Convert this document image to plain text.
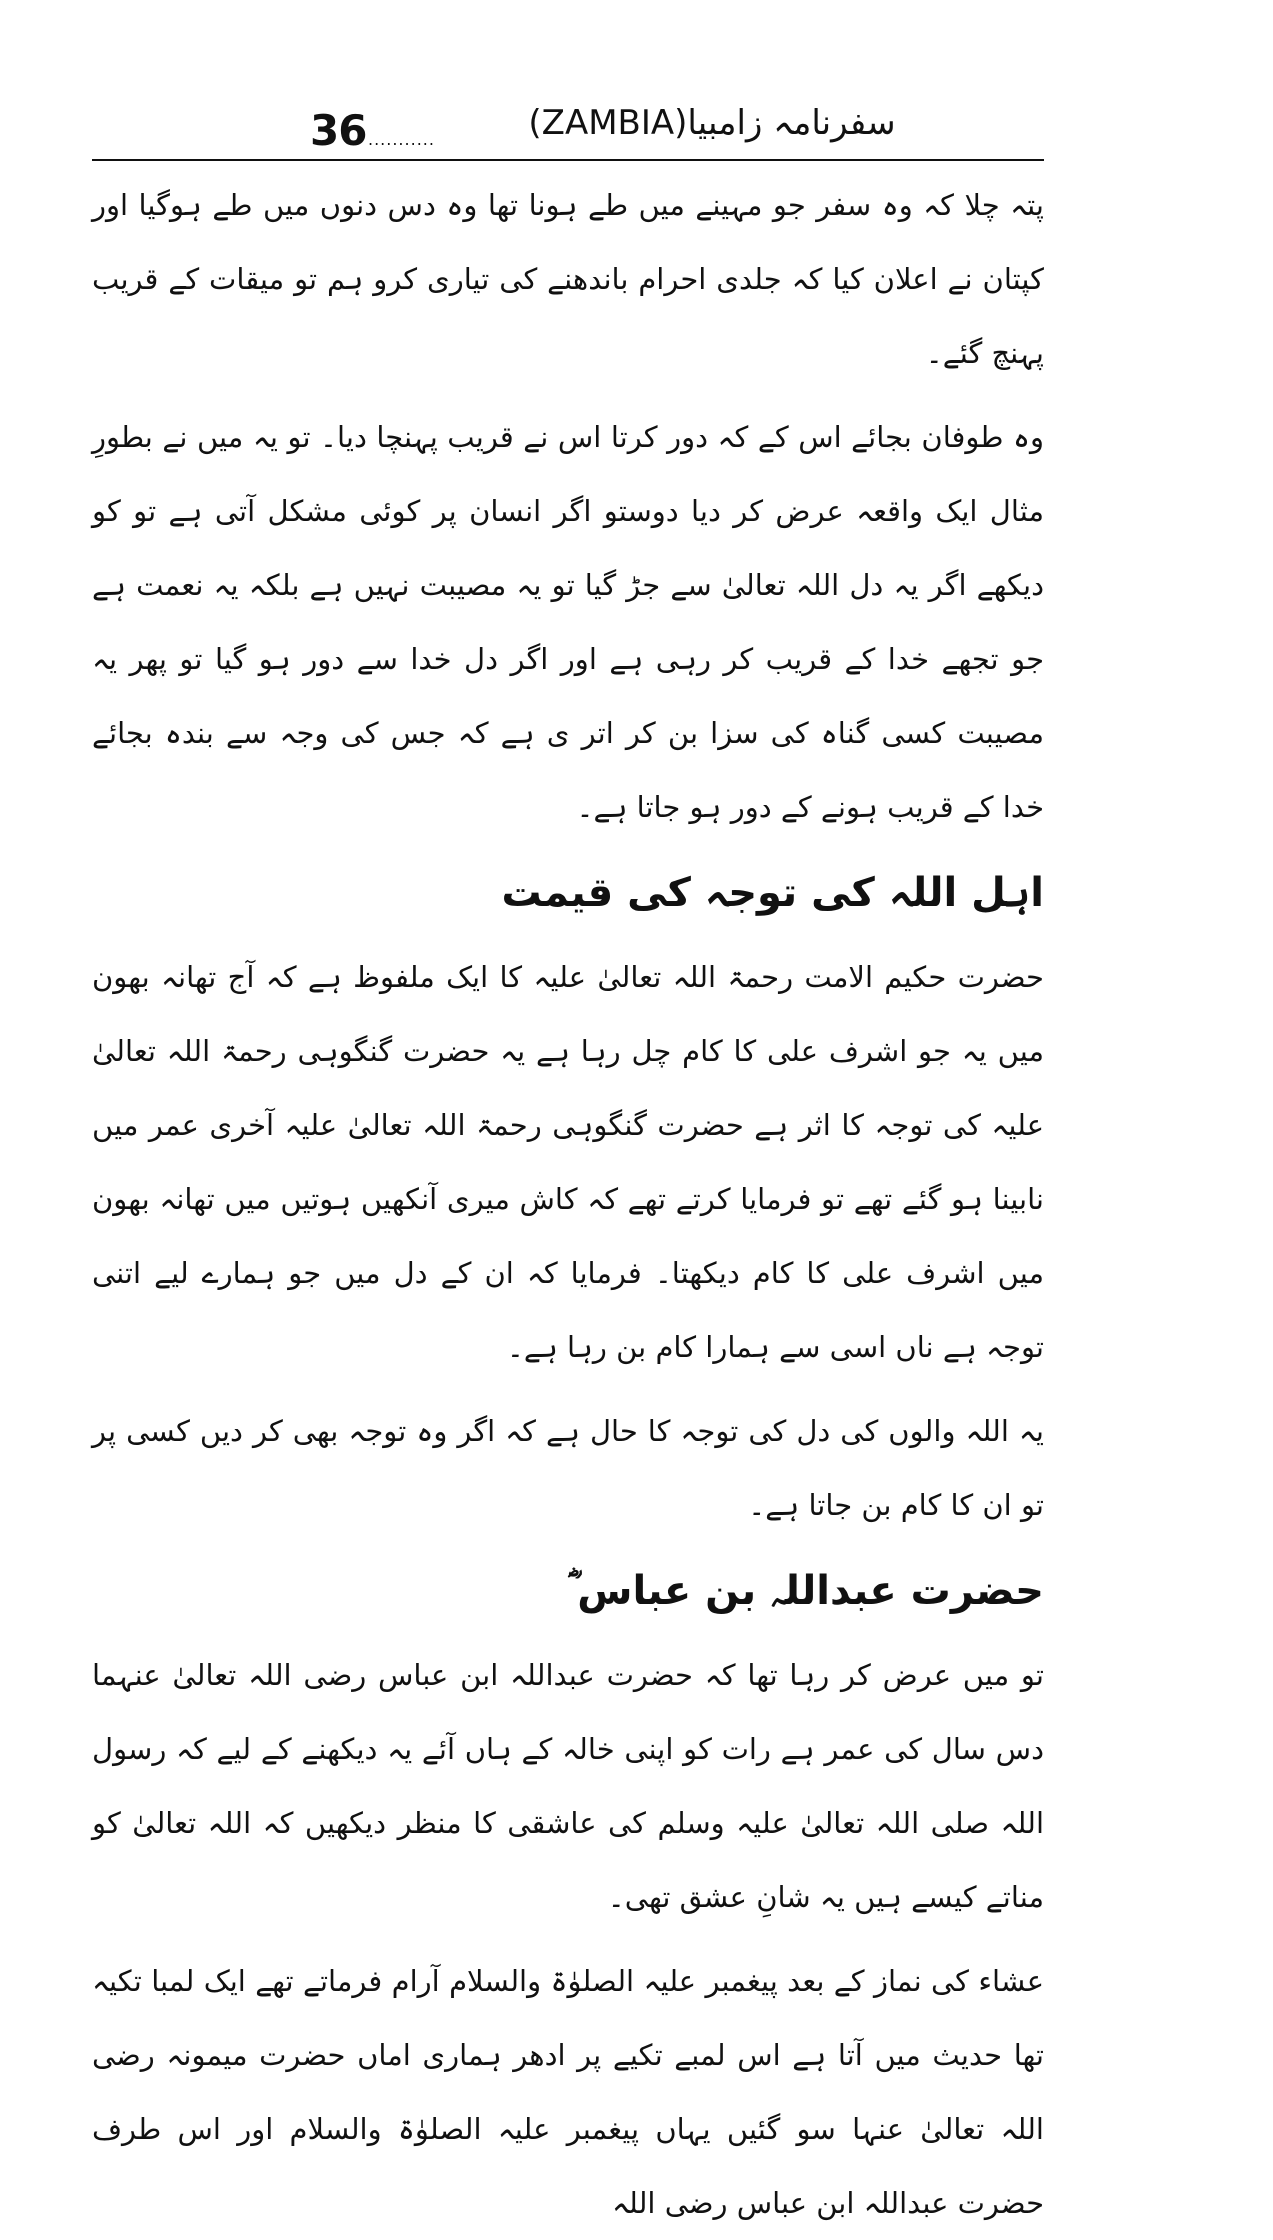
36 ...........	سفرنامہ زامبیا(ZAMBIA)

پتہ چلا کہ وہ سفر جو مہینے میں طے ہونا تھا وہ دس دنوں میں طے ہوگیا اور کپتان نے اعلان کیا کہ جلدی احرام باندھنے کی تیاری کرو ہم تو میقات کے قریب پہنچ گئے۔

وہ طوفان بجائے اس کے کہ دور کرتا اس نے قریب پہنچا دیا۔ تو یہ میں نے بطورِ مثال ایک واقعہ عرض کر دیا دوستو اگر انسان پر کوئی مشکل آتی ہے تو کو دیکھے اگر یہ دل اللہ تعالیٰ سے جڑ گیا تو یہ مصیبت نہیں ہے بلکہ یہ نعمت ہے جو تجھے خدا کے قریب کر رہی ہے اور اگر دل خدا سے دور ہو گیا تو پھر یہ مصیبت کسی گناہ کی سزا بن کر اتر ی ہے کہ جس کی وجہ سے بندہ بجائے خدا کے قریب ہونے کے دور ہو جاتا ہے۔

اہل اللہ کی توجہ کی قیمت

حضرت حکیم الامت رحمۃ اللہ تعالیٰ علیہ کا ایک ملفوظ ہے کہ آج تھانہ بھون میں یہ جو اشرف علی کا کام چل رہا ہے یہ حضرت گنگوہی رحمۃ اللہ تعالیٰ علیہ کی توجہ کا اثر ہے حضرت گنگوہی رحمۃ اللہ تعالیٰ علیہ آخری عمر میں نابینا ہو گئے تھے تو فرمایا کرتے تھے کہ کاش میری آنکھیں ہوتیں میں تھانہ بھون میں اشرف علی کا کام دیکھتا۔ فرمایا کہ ان کے دل میں جو ہمارے لیے اتنی توجہ ہے ناں اسی سے ہمارا کام بن رہا ہے۔

یہ اللہ والوں کی دل کی توجہ کا حال ہے کہ اگر وہ توجہ بھی کر دیں کسی پر تو ان کا کام بن جاتا ہے۔

حضرت عبداللہ بن عباس ؓ

تو میں عرض کر رہا تھا کہ حضرت عبداللہ ابن عباس رضی اللہ تعالیٰ عنہما دس سال کی عمر ہے رات کو اپنی خالہ کے ہاں آئے یہ دیکھنے کے لیے کہ رسول اللہ صلی اللہ تعالیٰ علیہ وسلم کی عاشقی کا منظر دیکھیں کہ اللہ تعالیٰ کو مناتے کیسے ہیں یہ شانِ عشق تھی۔

عشاء کی نماز کے بعد پیغمبر علیہ الصلوٰۃ والسلام آرام فرماتے تھے ایک لمبا تکیہ تھا حدیث میں آتا ہے اس لمبے تکیے پر ادھر ہماری اماں حضرت میمونہ رضی اللہ تعالیٰ عنہا سو گئیں یہاں پیغمبر علیہ الصلوٰۃ والسلام اور اس طرف حضرت عبداللہ ابن عباس رضی اللہ
